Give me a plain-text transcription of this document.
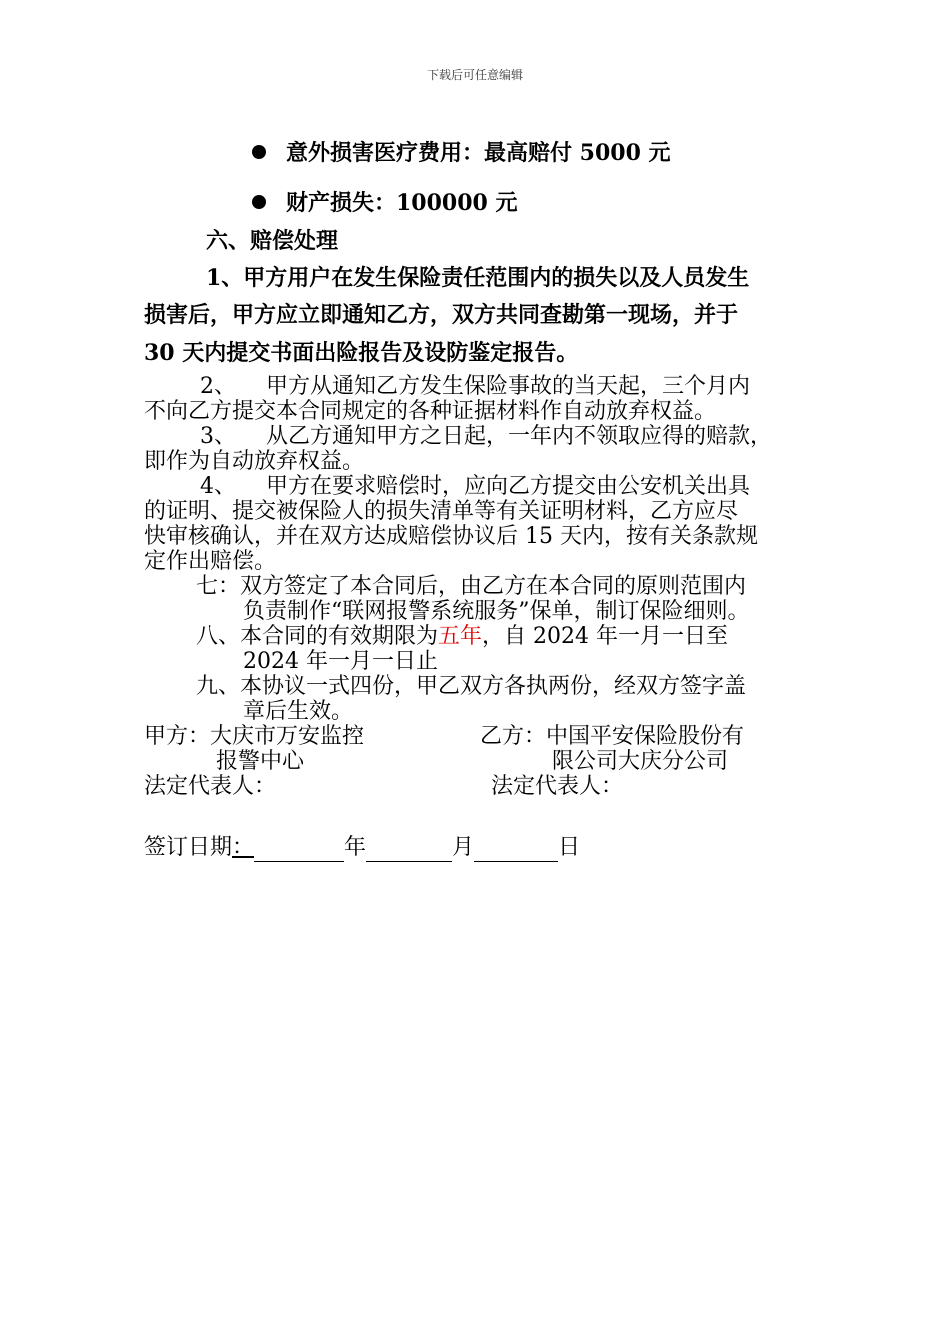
下载后可任意编辑
意外损害医疗费用：最高赔付 5000 元
财产损失：100000 元
六、赔偿处理
1、甲方用户在发生保险责任范围内的损失以及人员发生
损害后，甲方应立即通知乙方，双方共同查勘第一现场，并于
30 天内提交书面出险报告及设防鉴定报告。
2、 甲方从通知乙方发生保险事故的当天起，三个月内
不向乙方提交本合同规定的各种证据材料作自动放弃权益。
3、 从乙方通知甲方之日起，一年内不领取应得的赔款，
即作为自动放弃权益。
4、 甲方在要求赔偿时，应向乙方提交由公安机关出具
的证明、提交被保险人的损失清单等有关证明材料，乙方应尽
快审核确认，并在双方达成赔偿协议后 15 天内，按有关条款规
定作出赔偿。
七：双方签定了本合同后，由乙方在本合同的原则范围内
负责制作“联网报警系统服务”保单，制订保险细则。
八、本合同的有效期限为五年，自 2024 年一月一日至
2024 年一月一日止
九、本协议一式四份，甲乙双方各执两份，经双方签字盖
章后生效。
甲方：大庆市万安监控	乙方：中国平安保险股份有
报警中心	限公司大庆分公司
法定代表人：	法定代表人：
签订日期：	年	月	日
